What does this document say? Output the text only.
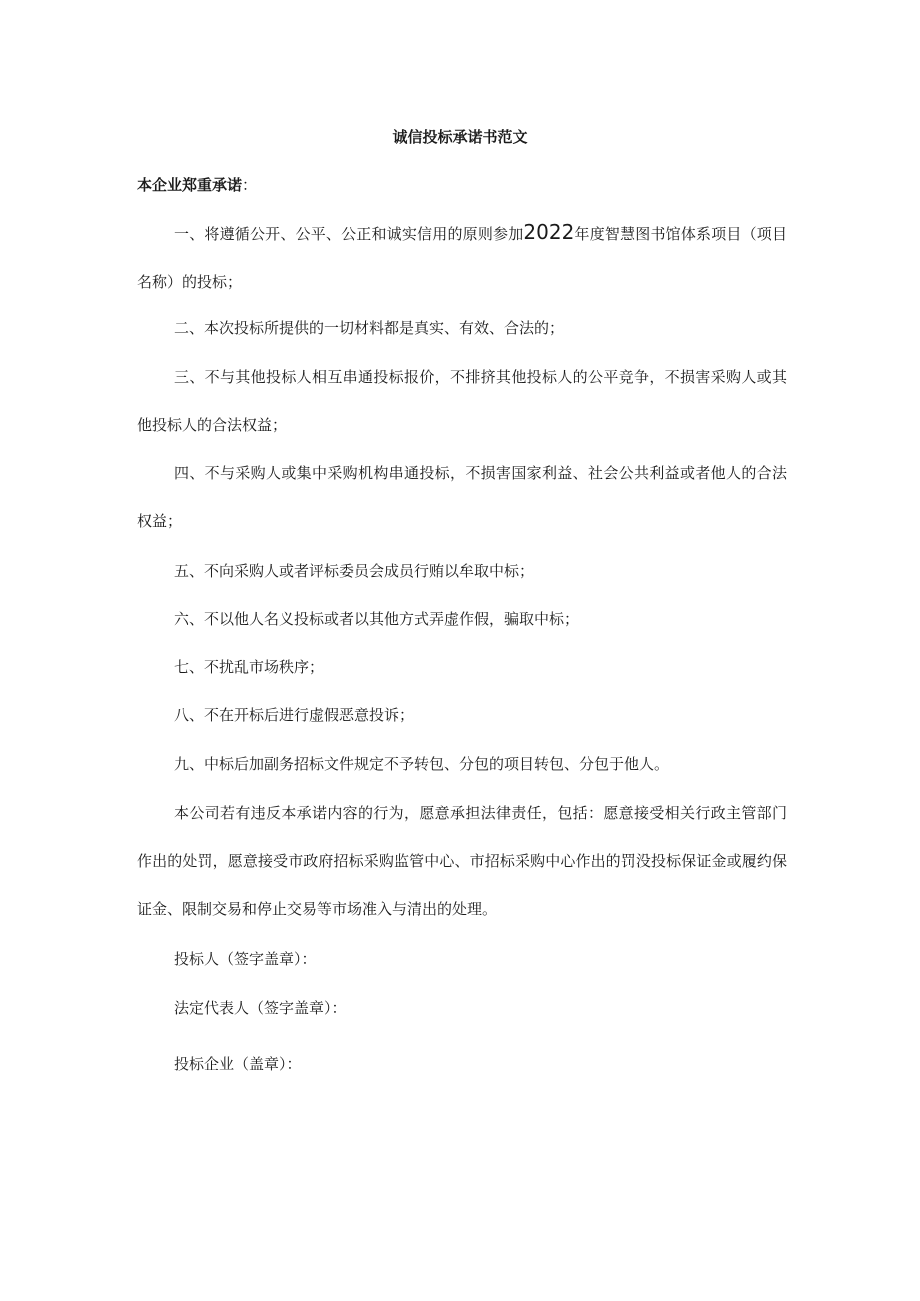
诚信投标承诺书范文
本企业郑重承诺：

一、将遵循公开、公平、公正和诚实信用的原则参加2022年度智慧图书馆体系项目（项目名称）的投标；

二、本次投标所提供的一切材料都是真实、有效、合法的；

三、不与其他投标人相互串通投标报价，不排挤其他投标人的公平竞争，不损害采购人或其他投标人的合法权益；

四、不与采购人或集中采购机构串通投标，不损害国家利益、社会公共利益或者他人的合法权益；

五、不向采购人或者评标委员会成员行贿以牟取中标；

六、不以他人名义投标或者以其他方式弄虚作假，骗取中标；

七、不扰乱市场秩序；

八、不在开标后进行虚假恶意投诉；

九、中标后加副务招标文件规定不予转包、分包的项目转包、分包于他人。

本公司若有违反本承诺内容的行为，愿意承担法律责任，包括：愿意接受相关行政主管部门作出的处罚，愿意接受市政府招标采购监管中心、市招标采购中心作出的罚没投标保证金或履约保证金、限制交易和停止交易等市场准入与清出的处理。

投标人（签字盖章）：
法定代表人（签字盖章）：
投标企业（盖章）：
